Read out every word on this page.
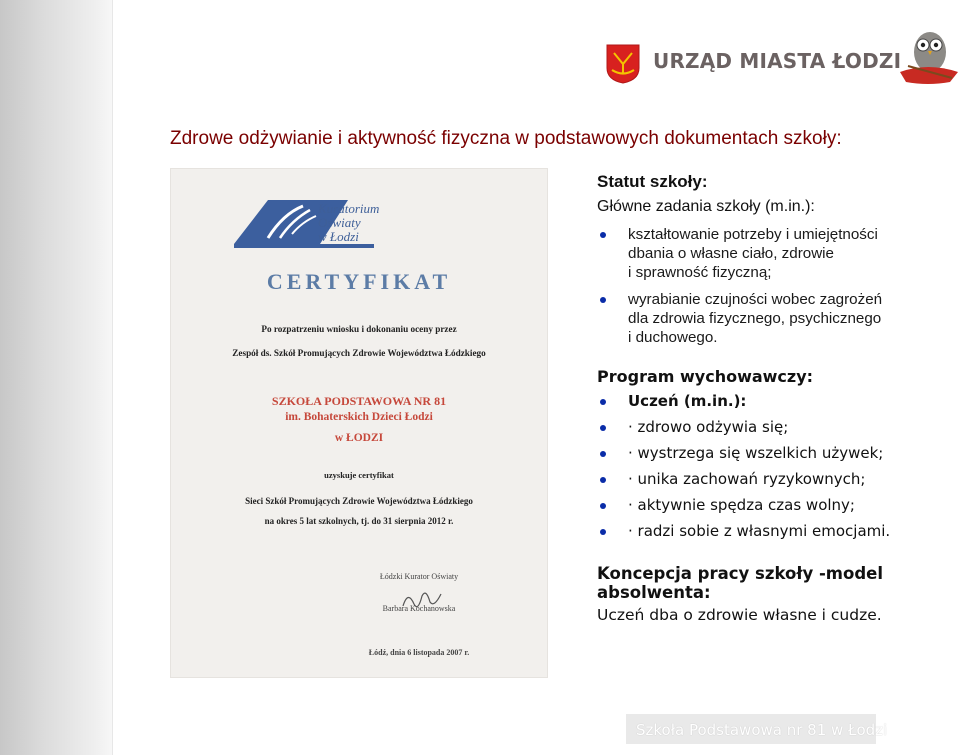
URZĄD MIASTA ŁODZI
Zdrowe odżywianie i aktywność fizyczna w podstawowych dokumentach szkoły:
Kuratorium
Oświaty
w Łodzi
CERTYFIKAT
Po rozpatrzeniu wniosku i dokonaniu oceny przez
Zespół ds. Szkół Promujących Zdrowie Województwa Łódzkiego
SZKOŁA PODSTAWOWA NR 81
im. Bohaterskich Dzieci Łodzi
w ŁODZI
uzyskuje certyfikat
Sieci Szkół Promujących Zdrowie Województwa Łódzkiego
na okres 5 lat szkolnych, tj. do 31 sierpnia 2012 r.
Łódzki Kurator Oświaty
Barbara Kochanowska
Łódź, dnia 6 listopada 2007 r.
Statut szkoły:
Główne zadania szkoły (m.in.):
kształtowanie potrzeby i umiejętności
dbania o własne ciało, zdrowie
i sprawność fizyczną;
wyrabianie czujności wobec zagrożeń
dla zdrowia fizycznego, psychicznego
i duchowego.
Program wychowawczy:
Uczeń (m.in.):
· zdrowo odżywia się;
· wystrzega się wszelkich używek;
· unika zachowań ryzykownych;
· aktywnie spędza czas wolny;
· radzi sobie z własnymi emocjami.
Koncepcja pracy szkoły -model
absolwenta:
Uczeń dba o zdrowie własne i cudze.
Szkoła Podstawowa nr 81 w Łodzi
